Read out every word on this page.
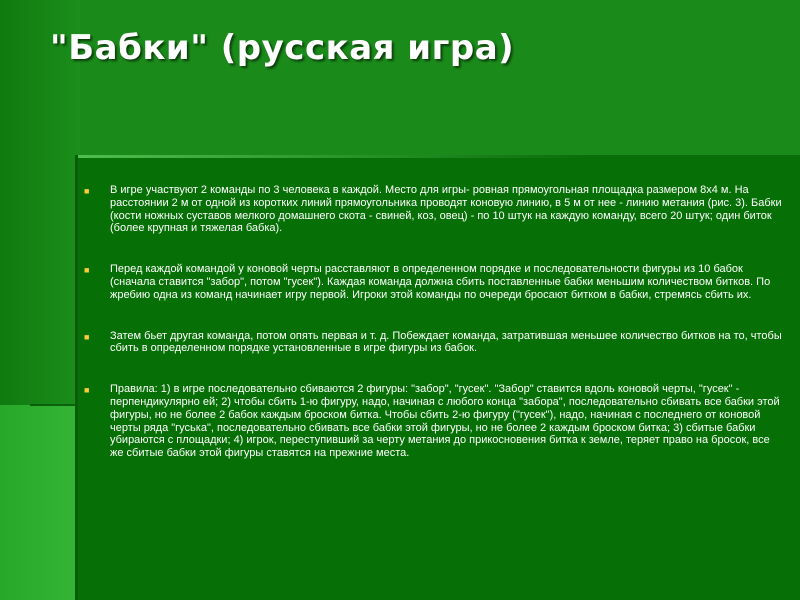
"Бабки" (русская игра)
■ В игре участвуют 2 команды по 3 человека в каждой. Место для игры- ровная прямоугольная площадка размером 8x4 м. На расстоянии 2 м от одной из коротких линий прямоугольника проводят коновую линию, в 5 м от нее - линию метания (рис. 3). Бабки (кости ножных суставов мелкого домашнего скота - свиней, коз, овец) - по 10 штук на каждую команду, всего 20 штук; один биток (более крупная и тяжелая бабка).
■ Перед каждой командой у коновой черты расставляют в определенном порядке и последовательности фигуры из 10 бабок (сначала ставится "забор", потом "гусек"). Каждая команда должна сбить поставленные бабки меньшим количеством битков. По жребию одна из команд начинает игру первой. Игроки этой команды по очереди бросают битком в бабки, стремясь сбить их.
■ Затем бьет другая команда, потом опять первая и т. д. Побеждает команда, затратившая меньшее количество битков на то, чтобы сбить в определенном порядке установленные в игре фигуры из бабок.
■ Правила: 1) в игре последовательно сбиваются 2 фигуры: "забор", "гусек". "Забор" ставится вдоль коновой черты, "гусек" - перпендикулярно ей; 2) чтобы сбить 1-ю фигуру, надо, начиная с любого конца "забора", последовательно сбивать все бабки этой фигуры, но не более 2 бабок каждым броском битка. Чтобы сбить 2-ю фигуру ("гусек"), надо, начиная с последнего от коновой черты ряда "гуська", последовательно сбивать все бабки этой фигуры, но не более 2 каждым броском битка; 3) сбитые бабки убираются с площадки; 4) игрок, переступивший за черту метания до прикосновения битка к земле, теряет право на бросок, все же сбитые бабки этой фигуры ставятся на прежние места.
